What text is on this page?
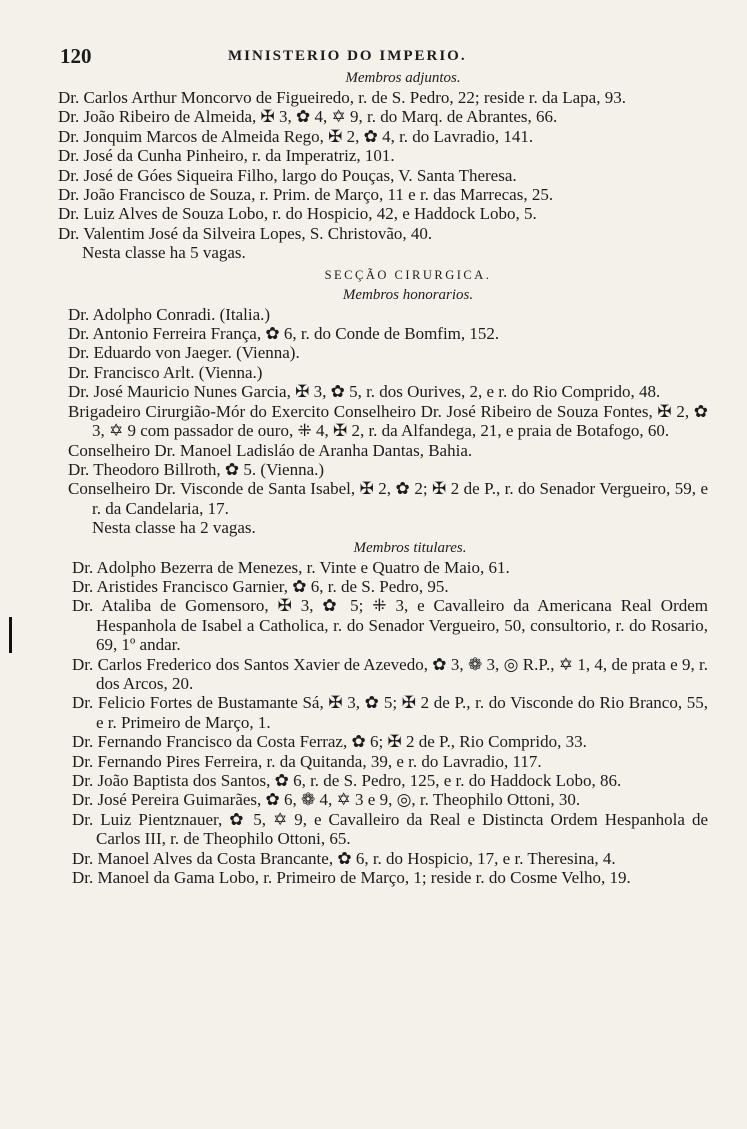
120	MINISTERIO DO IMPERIO.
Membros adjuntos.
Dr. Carlos Arthur Moncorvo de Figueiredo, r. de S. Pedro, 22; reside r. da Lapa, 93.
Dr. João Ribeiro de Almeida, ✠ 3, ✿ 4, ✡ 9, r. do Marq. de Abrantes, 66.
Dr. Jonquim Marcos de Almeida Rego, ✠ 2, ✿ 4, r. do Lavradio, 141.
Dr. José da Cunha Pinheiro, r. da Imperatriz, 101.
Dr. José de Góes Siqueira Filho, largo do Pouças, V. Santa Theresa.
Dr. João Francisco de Souza, r. Prim. de Março, 11 e r. das Marrecas, 25.
Dr. Luiz Alves de Souza Lobo, r. do Hospicio, 42, e Haddock Lobo, 5.
Dr. Valentim José da Silveira Lopes, S. Christovão, 40.
Nesta classe ha 5 vagas.
SECÇÃO CIRURGICA.
Membros honorarios.
Dr. Adolpho Conradi. (Italia.)
Dr. Antonio Ferreira França, ✿ 6, r. do Conde de Bomfim, 152.
Dr. Eduardo von Jaeger. (Vienna).
Dr. Francisco Arlt. (Vienna.)
Dr. José Mauricio Nunes Garcia, ✠ 3, ✿ 5, r. dos Ourives, 2, e r. do Rio Comprido, 48.
Brigadeiro Cirurgião-Mór do Exercito Conselheiro Dr. José Ribeiro de Souza Fontes, ✠ 2, ✿ 3, ✡ 9 com passador de ouro, ⁜ 4, ✠ 2, r. da Alfandega, 21, e praia de Botafogo, 60.
Conselheiro Dr. Manoel Ladisláo de Aranha Dantas, Bahia.
Dr. Theodoro Billroth, ✿ 5. (Vienna.)
Conselheiro Dr. Visconde de Santa Isabel, ✠ 2, ✿ 2; ✠ 2 de P., r. do Senador Vergueiro, 59, e r. da Candelaria, 17.
Nesta classe ha 2 vagas.
Membros titulares.
Dr. Adolpho Bezerra de Menezes, r. Vinte e Quatro de Maio, 61.
Dr. Aristides Francisco Garnier, ✿ 6, r. de S. Pedro, 95.
Dr. Ataliba de Gomensoro, ✠ 3, ✿ 5; ⁜ 3, e Cavalleiro da Americana Real Ordem Hespanhola de Isabel a Catholica, r. do Senador Vergueiro, 50, consultorio, r. do Rosario, 69, 1º andar.
Dr. Carlos Frederico dos Santos Xavier de Azevedo, ✿ 3, ❁ 3, ◎ R.P., ✡ 1, 4, de prata e 9, r. dos Arcos, 20.
Dr. Felicio Fortes de Bustamante Sá, ✠ 3, ✿ 5; ✠ 2 de P., r. do Visconde do Rio Branco, 55, e r. Primeiro de Março, 1.
Dr. Fernando Francisco da Costa Ferraz, ✿ 6; ✠ 2 de P., Rio Comprido, 33.
Dr. Fernando Pires Ferreira, r. da Quitanda, 39, e r. do Lavradio, 117.
Dr. João Baptista dos Santos, ✿ 6, r. de S. Pedro, 125, e r. do Haddock Lobo, 86.
Dr. José Pereira Guimarães, ✿ 6, ❁ 4, ✡ 3 e 9, ◎, r. Theophilo Ottoni, 30.
Dr. Luiz Pientznauer, ✿ 5, ✡ 9, e Cavalleiro da Real e Distincta Ordem Hespanhola de Carlos III, r. de Theophilo Ottoni, 65.
Dr. Manoel Alves da Costa Brancante, ✿ 6, r. do Hospicio, 17, e r. Theresina, 4.
Dr. Manoel da Gama Lobo, r. Primeiro de Março, 1; reside r. do Cosme Velho, 19.
